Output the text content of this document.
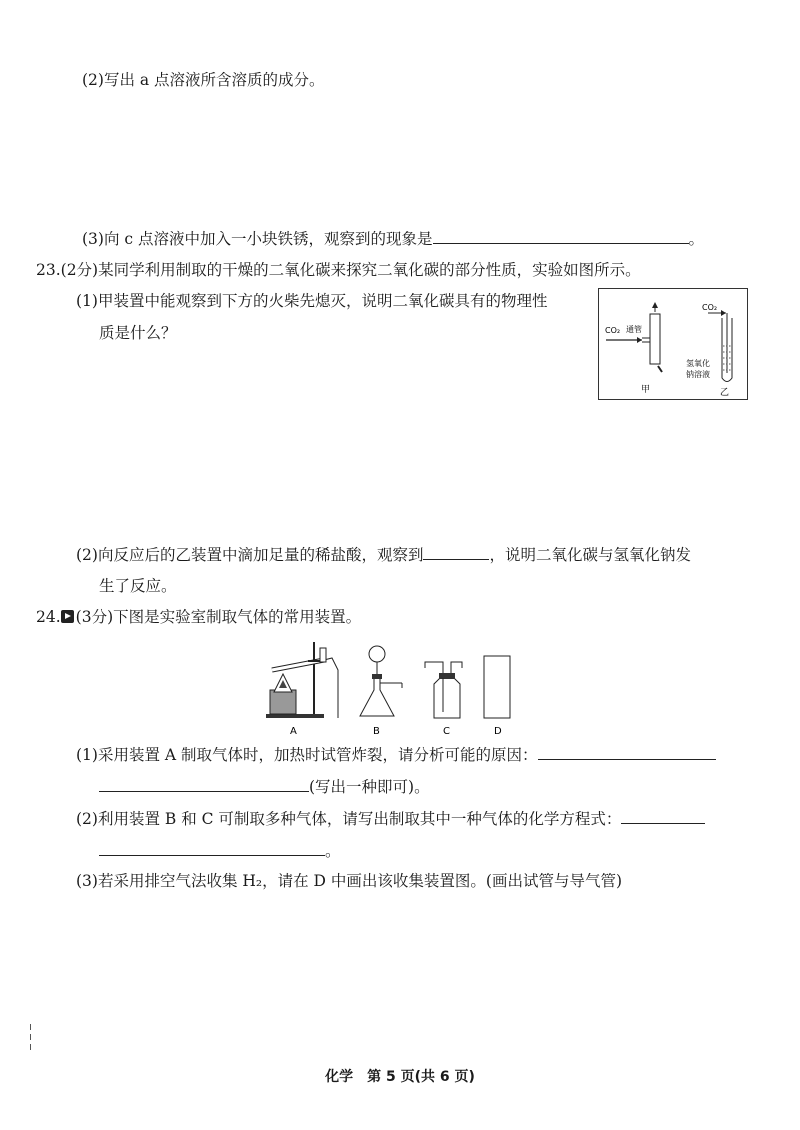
(2)写出 a 点溶液所含溶质的成分。
(3)向 c 点溶液中加入一小块铁锈，观察到的现象是	。
23.(2分)某同学利用制取的干燥的二氧化碳来探究二氧化碳的部分性质，实验如图所示。
(1)甲装置中能观察到下方的火柴先熄灭，说明二氧化碳具有的物理性
质是什么？	CO₂ 通管
甲
CO₂
氢氧化
钠溶液
乙
(2)向反应后的乙装置中滴加足量的稀盐酸，观察到	，说明二氧化碳与氢氧化钠发
生了反应。
24. (3分)下图是实验室制取气体的常用装置。
A	B	C	D
(1)采用装置 A 制取气体时，加热时试管炸裂，请分析可能的原因：
(写出一种即可)。
(2)利用装置 B 和 C 可制取多种气体，请写出制取其中一种气体的化学方程式：
。
(3)若采用排空气法收集 H₂，请在 D 中画出该收集装置图。(画出试管与导气管)
化学　第 5 页(共 6 页)
